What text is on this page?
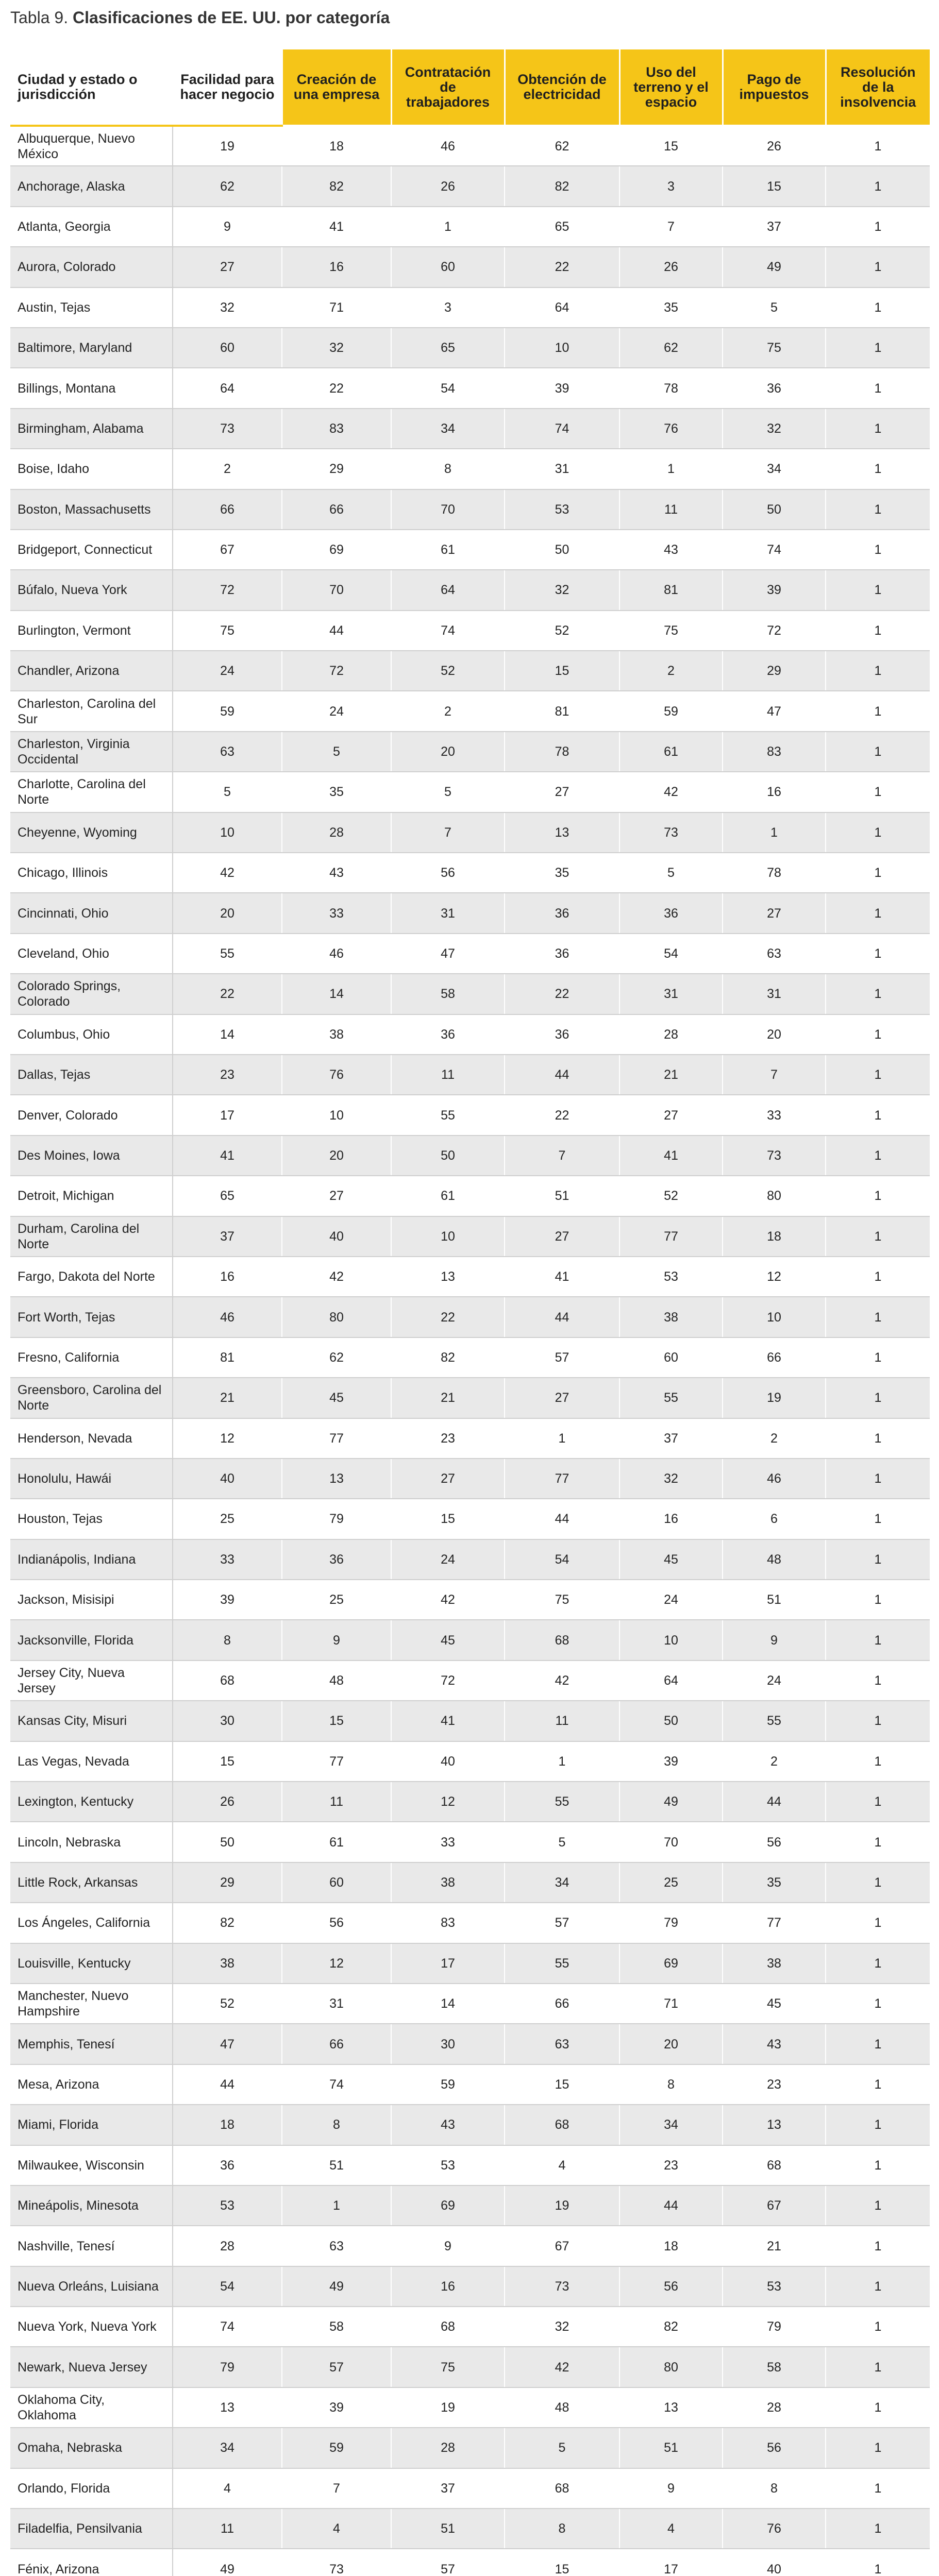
Tabla 9. Clasificaciones de EE. UU. por categoría
Ciudad y estado o jurisdicción	Facilidad para hacer negocio	Creación de una empresa	Contratación de trabajadores	Obtención de electricidad	Uso del terreno y el espacio	Pago de impuestos	Resolución de la insolvencia
Albuquerque, Nuevo México	19	18	46	62	15	26	1
Anchorage, Alaska	62	82	26	82	3	15	1
Atlanta, Georgia	9	41	1	65	7	37	1
Aurora, Colorado	27	16	60	22	26	49	1
Austin, Tejas	32	71	3	64	35	5	1
Baltimore, Maryland	60	32	65	10	62	75	1
Billings, Montana	64	22	54	39	78	36	1
Birmingham, Alabama	73	83	34	74	76	32	1
Boise, Idaho	2	29	8	31	1	34	1
Boston, Massachusetts	66	66	70	53	11	50	1
Bridgeport, Connecticut	67	69	61	50	43	74	1
Búfalo, Nueva York	72	70	64	32	81	39	1
Burlington, Vermont	75	44	74	52	75	72	1
Chandler, Arizona	24	72	52	15	2	29	1
Charleston, Carolina del Sur	59	24	2	81	59	47	1
Charleston, Virginia Occidental	63	5	20	78	61	83	1
Charlotte, Carolina del Norte	5	35	5	27	42	16	1
Cheyenne, Wyoming	10	28	7	13	73	1	1
Chicago, Illinois	42	43	56	35	5	78	1
Cincinnati, Ohio	20	33	31	36	36	27	1
Cleveland, Ohio	55	46	47	36	54	63	1
Colorado Springs, Colorado	22	14	58	22	31	31	1
Columbus, Ohio	14	38	36	36	28	20	1
Dallas, Tejas	23	76	11	44	21	7	1
Denver, Colorado	17	10	55	22	27	33	1
Des Moines, Iowa	41	20	50	7	41	73	1
Detroit, Michigan	65	27	61	51	52	80	1
Durham, Carolina del Norte	37	40	10	27	77	18	1
Fargo, Dakota del Norte	16	42	13	41	53	12	1
Fort Worth, Tejas	46	80	22	44	38	10	1
Fresno, California	81	62	82	57	60	66	1
Greensboro, Carolina del Norte	21	45	21	27	55	19	1
Henderson, Nevada	12	77	23	1	37	2	1
Honolulu, Hawái	40	13	27	77	32	46	1
Houston, Tejas	25	79	15	44	16	6	1
Indianápolis, Indiana	33	36	24	54	45	48	1
Jackson, Misisipi	39	25	42	75	24	51	1
Jacksonville, Florida	8	9	45	68	10	9	1
Jersey City, Nueva Jersey	68	48	72	42	64	24	1
Kansas City, Misuri	30	15	41	11	50	55	1
Las Vegas, Nevada	15	77	40	1	39	2	1
Lexington, Kentucky	26	11	12	55	49	44	1
Lincoln, Nebraska	50	61	33	5	70	56	1
Little Rock, Arkansas	29	60	38	34	25	35	1
Los Ángeles, California	82	56	83	57	79	77	1
Louisville, Kentucky	38	12	17	55	69	38	1
Manchester, Nuevo Hampshire	52	31	14	66	71	45	1
Memphis, Tenesí	47	66	30	63	20	43	1
Mesa, Arizona	44	74	59	15	8	23	1
Miami, Florida	18	8	43	68	34	13	1
Milwaukee, Wisconsin	36	51	53	4	23	68	1
Mineápolis, Minesota	53	1	69	19	44	67	1
Nashville, Tenesí	28	63	9	67	18	21	1
Nueva Orleáns, Luisiana	54	49	16	73	56	53	1
Nueva York, Nueva York	74	58	68	32	82	79	1
Newark, Nueva Jersey	79	57	75	42	80	58	1
Oklahoma City, Oklahoma	13	39	19	48	13	28	1
Omaha, Nebraska	34	59	28	5	51	56	1
Orlando, Florida	4	7	37	68	9	8	1
Filadelfia, Pensilvania	11	4	51	8	4	76	1
Fénix, Arizona	49	73	57	15	17	40	1
